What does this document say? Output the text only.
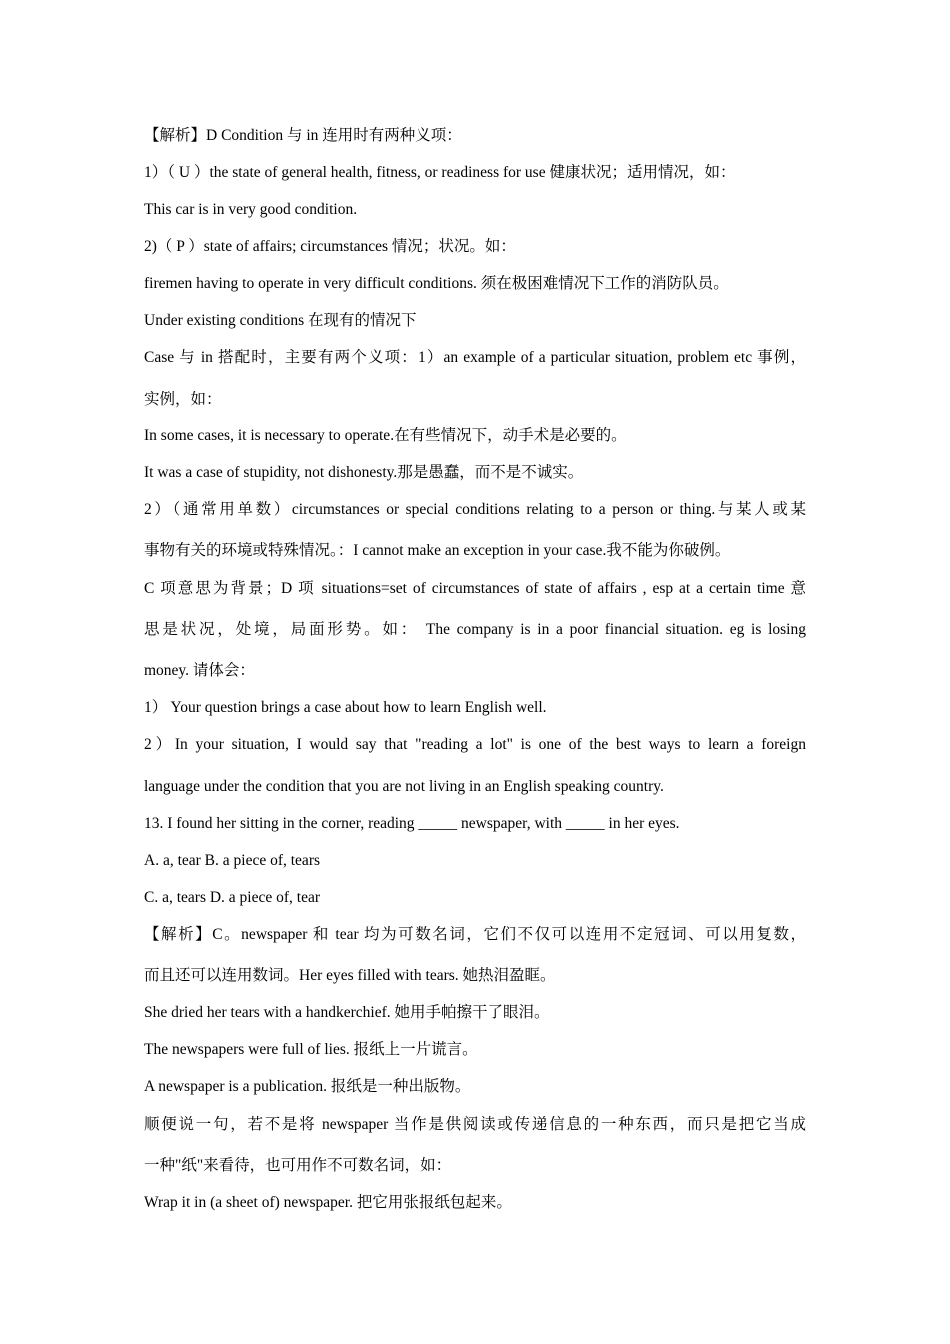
【解析】D Condition 与 in 连用时有两种义项：
1）（ U ）the state of general health, fitness, or readiness for use 健康状况；适用情况，如：
This car is in very good condition.
2)（ P ）state of affairs; circumstances 情况；状况。如：
firemen having to operate in very difficult conditions. 须在极困难情况下工作的消防队员。
Under existing conditions 在现有的情况下
Case 与 in 搭配时，主要有两个义项：1）an example of a particular situation, problem etc 事例，
实例，如：
In some cases, it is necessary to operate.在有些情况下，动手术是必要的。
It was a case of stupidity, not dishonesty.那是愚蠢，而不是不诚实。
2）（通常用单数）circumstances or special conditions relating to a person or thing.与某人或某
事物有关的环境或特殊情况。：I cannot make an exception in your case.我不能为你破例。
C 项意思为背景；D 项 situations=set of circumstances of state of affairs , esp at a certain time 意
思是状况，处境，局面形势。如： The company is in a poor financial situation. eg is losing
money. 请体会：
1） Your question brings a case about how to learn English well.
2）In your situation, I would say that "reading a lot" is one of the best ways to learn a foreign
language under the condition that you are not living in an English speaking country.
13. I found her sitting in the corner, reading _____ newspaper, with _____ in her eyes.
A. a, tear B. a piece of, tears
C. a, tears D. a piece of, tear
【解析】C。newspaper 和 tear 均为可数名词，它们不仅可以连用不定冠词、可以用复数，
而且还可以连用数词。Her eyes filled with tears. 她热泪盈眶。
She dried her tears with a handkerchief. 她用手帕擦干了眼泪。
The newspapers were full of lies. 报纸上一片谎言。
A newspaper is a publication. 报纸是一种出版物。
顺便说一句，若不是将 newspaper 当作是供阅读或传递信息的一种东西，而只是把它当成
一种"纸"来看待，也可用作不可数名词，如：
Wrap it in (a sheet of) newspaper. 把它用张报纸包起来。
